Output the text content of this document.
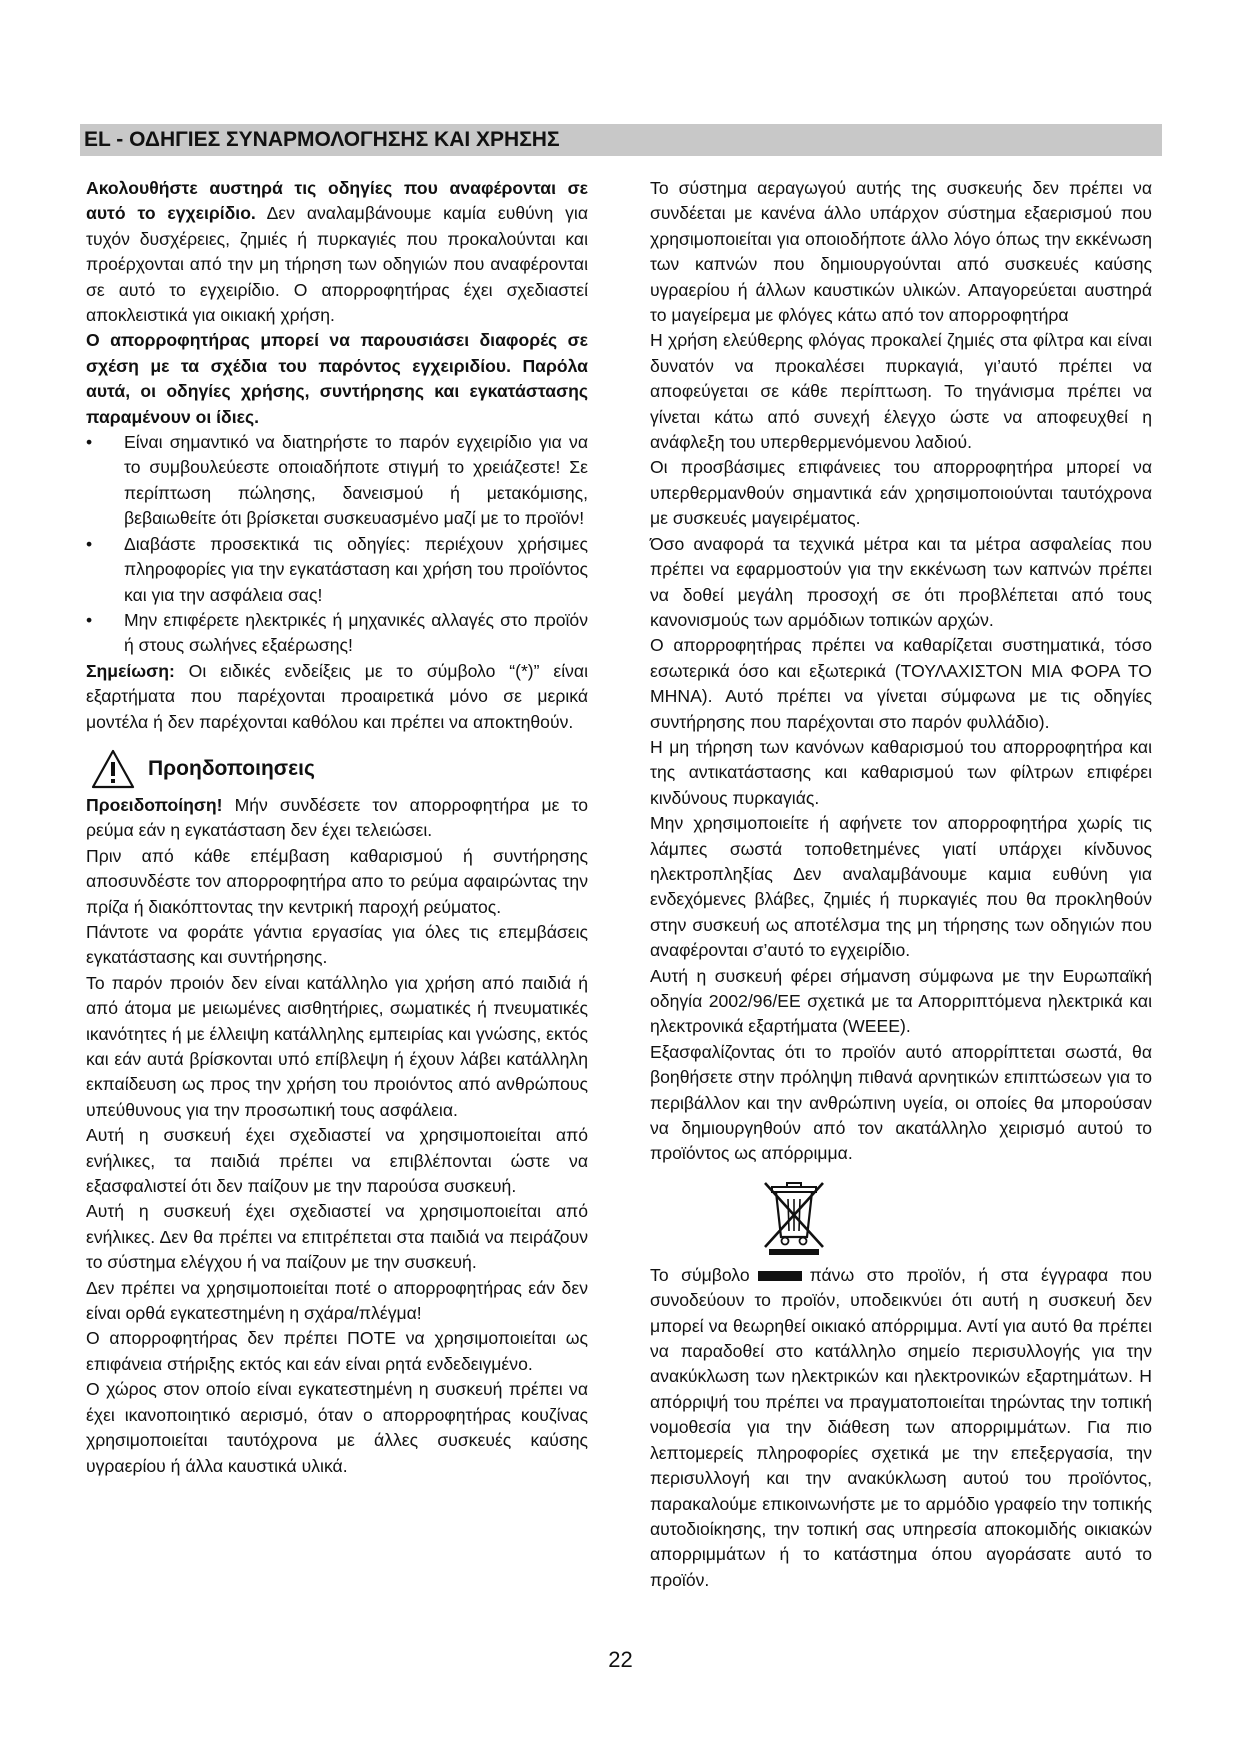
EL - ΟΔΗΓΙΕΣ ΣΥΝΑΡΜΟΛΟΓΗΣΗΣ ΚΑΙ ΧΡΗΣΗΣ

Ακολουθήστε αυστηρά τις οδηγίες που αναφέρονται σε αυτό το εγχειρίδιο. Δεν αναλαμβάνουμε καμία ευθύνη για τυχόν δυσχέρειες, ζημιές ή πυρκαγιές που προκαλούνται και προέρχονται από την μη τήρηση των οδηγιών που αναφέρονται σε αυτό το εγχειρίδιο. Ο απορροφητήρας έχει σχεδιαστεί αποκλειστικά για οικιακή χρήση.

Ο απορροφητήρας μπορεί να παρουσιάσει διαφορές σε σχέση με τα σχέδια του παρόντος εγχειριδίου. Παρόλα αυτά, οι οδηγίες χρήσης, συντήρησης και εγκατάστασης παραμένουν οι ίδιες.

• Είναι σημαντικό να διατηρήστε το παρόν εγχειρίδιο για να το συμβουλεύεστε οποιαδήποτε στιγμή το χρειάζεστε! Σε περίπτωση πώλησης, δανεισμού ή μετακόμισης, βεβαιωθείτε ότι βρίσκεται συσκευασμένο μαζί με το προϊόν!
• Διαβάστε προσεκτικά τις οδηγίες: περιέχουν χρήσιμες πληροφορίες για την εγκατάσταση και χρήση του προϊόντος και για την ασφάλεια σας!
• Μην επιφέρετε ηλεκτρικές ή μηχανικές αλλαγές στο προϊόν ή στους σωλήνες εξαέρωσης!

Σημείωση: Οι ειδικές ενδείξεις με το σύμβολο “(*)” είναι εξαρτήματα που παρέχονται προαιρετικά μόνο σε μερικά μοντέλα ή δεν παρέχονται καθόλου και πρέπει να αποκτηθούν.

Προηδοποιησεις

Προειδοποίηση! Μήν συνδέσετε τον απορροφητήρα με το ρεύμα εάν η εγκατάσταση δεν έχει τελειώσει.

Πριν από κάθε επέμβαση καθαρισμού ή συντήρησης αποσυνδέστε τον απορροφητήρα απο το ρεύμα αφαιρώντας την πρίζα ή διακόπτοντας την κεντρική παροχή ρεύματος.

Πάντοτε να φοράτε γάντια εργασίας για όλες τις επεμβάσεις εγκατάστασης και συντήρησης.

Το παρόν προιόν δεν είναι κατάλληλο για χρήση από παιδιά ή από άτομα με μειωμένες αισθητήριες, σωματικές ή πνευματικές ικανότητες ή με έλλειψη κατάλληλης εμπειρίας και γνώσης, εκτός και εάν αυτά βρίσκονται υπό επίβλεψη ή έχουν λάβει κατάλληλη εκπαίδευση ως προς την χρήση του προιόντος από ανθρώπους υπεύθυνους για την προσωπική τους ασφάλεια.

Αυτή η συσκευή έχει σχεδιαστεί να χρησιμοποιείται από ενήλικες, τα παιδιά πρέπει να επιβλέπονται ώστε να εξασφαλιστεί ότι δεν παίζουν με την παρούσα συσκευή.

Αυτή η συσκευή έχει σχεδιαστεί να χρησιμοποιείται από ενήλικες. Δεν θα πρέπει να επιτρέπεται στα παιδιά να πειράζουν το σύστημα ελέγχου ή να παίζουν με την συσκευή.

Δεν πρέπει να χρησιμοποιείται ποτέ ο απορροφητήρας εάν δεν είναι ορθά εγκατεστημένη η σχάρα/πλέγμα!

Ο απορροφητήρας δεν πρέπει ΠΟΤΕ να χρησιμοποιείται ως επιφάνεια στήριξης εκτός και εάν είναι ρητά ενδεδειγμένο.

Ο χώρος στον οποίο είναι εγκατεστημένη η συσκευή πρέπει να έχει ικανοποιητικό αερισμό, όταν ο απορροφητήρας κουζίνας χρησιμοποιείται ταυτόχρονα με άλλες συσκευές καύσης υγραερίου ή άλλα καυστικά υλικά.

Το σύστημα αεραγωγού αυτής της συσκευής δεν πρέπει να συνδέεται με κανένα άλλο υπάρχον σύστημα εξαερισμού που χρησιμοποιείται για οποιοδήποτε άλλο λόγο όπως την εκκένωση των καπνών που δημιουργούνται από συσκευές καύσης υγραερίου ή άλλων καυστικών υλικών. Απαγορεύεται αυστηρά το μαγείρεμα με φλόγες κάτω από τον απορροφητήρα

Η χρήση ελεύθερης φλόγας προκαλεί ζημιές στα φίλτρα και είναι δυνατόν να προκαλέσει πυρκαγιά, γι’αυτό πρέπει να αποφεύγεται σε κάθε περίπτωση. Το τηγάνισμα πρέπει να γίνεται κάτω από συνεχή έλεγχο ώστε να αποφευχθεί η ανάφλεξη του υπερθερμενόμενου λαδιού.

Οι προσβάσιμες επιφάνειες του απορροφητήρα μπορεί να υπερθερμανθούν σημαντικά εάν χρησιμοποιούνται ταυτόχρονα με συσκευές μαγειρέματος.

Όσο αναφορά τα τεχνικά μέτρα και τα μέτρα ασφαλείας που πρέπει να εφαρμοστούν για την εκκένωση των καπνών πρέπει να δοθεί μεγάλη προσοχή σε ότι προβλέπεται από τους κανονισμούς των αρμόδιων τοπικών αρχών.

Ο απορροφητήρας πρέπει να καθαρίζεται συστηματικά, τόσο εσωτερικά όσο και εξωτερικά (ΤΟΥΛΑΧΙΣΤΟΝ ΜΙΑ ΦΟΡΑ ΤΟ ΜΗΝΑ). Αυτό πρέπει να γίνεται σύμφωνα με τις οδηγίες συντήρησης που παρέχονται στο παρόν φυλλάδιο).

Η μη τήρηση των κανόνων καθαρισμού του απορροφητήρα και της αντικατάστασης και καθαρισμού των φίλτρων επιφέρει κινδύνους πυρκαγιάς.

Μην χρησιμοποιείτε ή αφήνετε τον απορροφητήρα χωρίς τις λάμπες σωστά τοποθετημένες γιατί υπάρχει κίνδυνος ηλεκτροπληξίας Δεν αναλαμβάνουμε καμια ευθύνη για ενδεχόμενες βλάβες, ζημιές ή πυρκαγιές που θα προκληθούν στην συσκευή ως αποτέλσμα της μη τήρησης των οδηγιών που αναφέρονται σ’αυτό το εγχειρίδιο.

Αυτή η συσκευή φέρει σήμανση σύμφωνα με την Ευρωπαϊκή οδηγία 2002/96/ΕΕ σχετικά με τα Απορριπτόμενα ηλεκτρικά και ηλεκτρονικά εξαρτήματα (WEEE).

Εξασφαλίζοντας ότι το προϊόν αυτό απορρίπτεται σωστά, θα βοηθήσετε στην πρόληψη πιθανά αρνητικών επιπτώσεων για το περιβάλλον και την ανθρώπινη υγεία, οι οποίες θα μπορούσαν να δημιουργηθούν από τον ακατάλληλο χειρισμό αυτού το προϊόντος ως απόρριμμα.

Το σύμβολο	πάνω στο προϊόν, ή στα έγγραφα που συνοδεύουν το προϊόν, υποδεικνύει ότι αυτή η συσκευή δεν μπορεί να θεωρηθεί οικιακό απόρριμμα. Αντί για αυτό θα πρέπει να παραδοθεί στο κατάλληλο σημείο περισυλλογής για την ανακύκλωση των ηλεκτρικών και ηλεκτρονικών εξαρτημάτων. Η απόρριψή του πρέπει να πραγματοποιείται τηρώντας την τοπική νομοθεσία για την διάθεση των απορριμμάτων. Για πιο λεπτομερείς πληροφορίες σχετικά με την επεξεργασία, την περισυλλογή και την ανακύκλωση αυτού του προϊόντος, παρακαλούμε επικοινωνήστε με το αρμόδιο γραφείο την τοπικής αυτοδιοίκησης, την τοπική σας υπηρεσία αποκομιδής οικιακών απορριμμάτων ή το κατάστημα όπου αγοράσατε αυτό το προϊόν.

22
